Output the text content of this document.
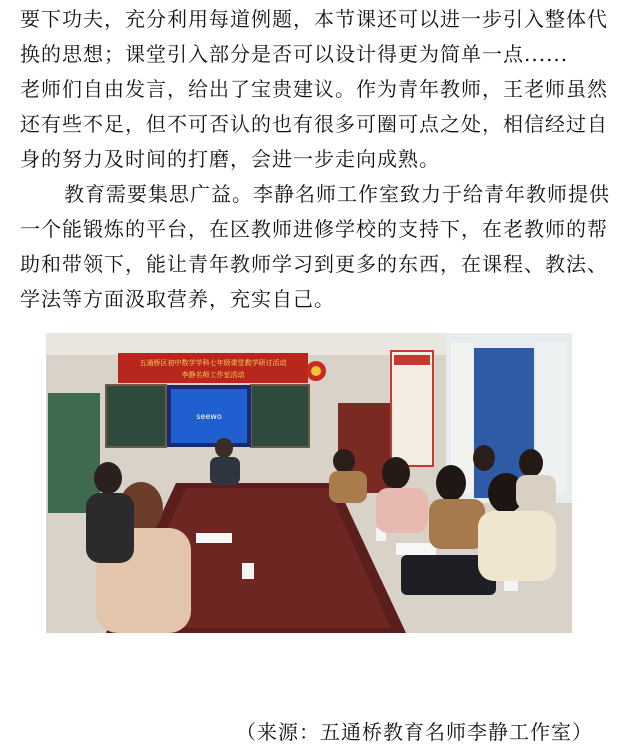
要下功夫，充分利用每道例题，本节课还可以进一步引入整体代
换的思想；课堂引入部分是否可以设计得更为简单一点......
老师们自由发言，给出了宝贵建议。作为青年教师，王老师虽然
还有些不足，但不可否认的也有很多可圈可点之处，相信经过自
身的努力及时间的打磨，会进一步走向成熟。
教育需要集思广益。李静名师工作室致力于给青年教师提供
一个能锻炼的平台，在区教师进修学校的支持下，在老教师的帮
助和带领下，能让青年教师学习到更多的东西，在课程、教法、
学法等方面汲取营养，充实自己。
seewo
五通桥区初中数学学科七年级课堂教学研讨活动
李静名师工作室活动
（来源：五通桥教育名师李静工作室）
